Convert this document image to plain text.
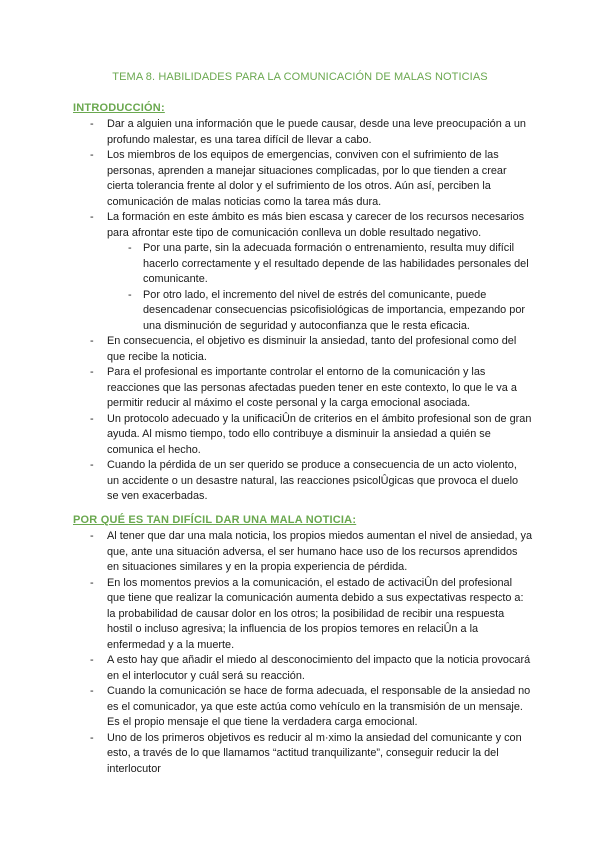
TEMA 8. HABILIDADES PARA LA COMUNICACIÓN DE MALAS NOTICIAS
INTRODUCCIÓN:
- Dar a alguien una información que le puede causar, desde una leve preocupación a un profundo malestar, es una tarea difícil de llevar a cabo.
- Los miembros de los equipos de emergencias, conviven con el sufrimiento de las personas, aprenden a manejar situaciones complicadas, por lo que tienden a crear cierta tolerancia frente al dolor y el sufrimiento de los otros. Aún así, perciben la comunicación de malas noticias como la tarea más dura.
- La formación en este ámbito es más bien escasa y carecer de los recursos necesarios para afrontar este tipo de comunicación conlleva un doble resultado negativo.
- Por una parte, sin la adecuada formación o entrenamiento, resulta muy difícil hacerlo correctamente y el resultado depende de las habilidades personales del comunicante.
- Por otro lado, el incremento del nivel de estrés del comunicante, puede desencadenar consecuencias psicofisiológicas de importancia, empezando por una disminución de seguridad y autoconfianza que le resta eficacia.
- En consecuencia, el objetivo es disminuir la ansiedad, tanto del profesional como del que recibe la noticia.
- Para el profesional es importante controlar el entorno de la comunicación y las reacciones que las personas afectadas pueden tener en este contexto, lo que le va a permitir reducir al máximo el coste personal y la carga emocional asociada.
- Un protocolo adecuado y la unificaciÛn de criterios en el ámbito profesional son de gran ayuda. Al mismo tiempo, todo ello contribuye a disminuir la ansiedad a quién se comunica el hecho.
- Cuando la pérdida de un ser querido se produce a consecuencia de un acto violento, un accidente o un desastre natural, las reacciones psicolÛgicas que provoca el duelo se ven exacerbadas.
POR QUÉ ES TAN DIFÍCIL DAR UNA MALA NOTICIA:
- Al tener que dar una mala noticia, los propios miedos aumentan el nivel de ansiedad, ya que, ante una situación adversa, el ser humano hace uso de los recursos aprendidos en situaciones similares y en la propia experiencia de pérdida.
- En los momentos previos a la comunicación, el estado de activaciÛn del profesional que tiene que realizar la comunicación aumenta debido a sus expectativas respecto a: la probabilidad de causar dolor en los otros; la posibilidad de recibir una respuesta hostil o incluso agresiva; la influencia de los propios temores en relaciÛn a la enfermedad y a la muerte.
- A esto hay que añadir el miedo al desconocimiento del impacto que la noticia provocará en el interlocutor y cuál será su reacción.
- Cuando la comunicación se hace de forma adecuada, el responsable de la ansiedad no es el comunicador, ya que este actúa como vehículo en la transmisión de un mensaje. Es el propio mensaje el que tiene la verdadera carga emocional.
- Uno de los primeros objetivos es reducir al m·ximo la ansiedad del comunicante y con esto, a través de lo que llamamos “actitud tranquilizante”, conseguir reducir la del interlocutor
